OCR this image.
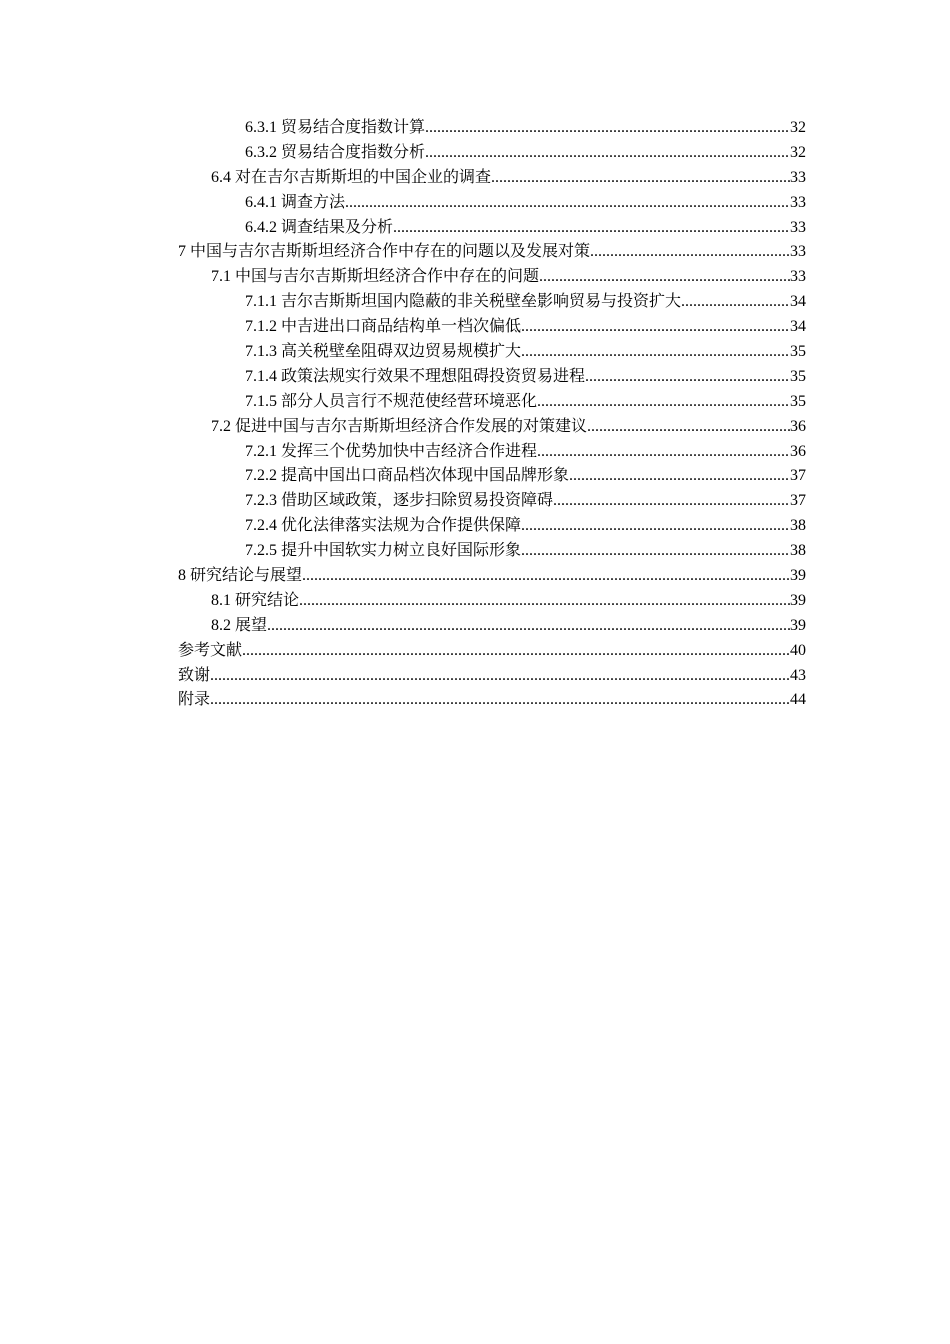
6.3.1 贸易结合度指数计算 .....	32
6.3.2 贸易结合度指数分析 .....	32
6.4 对在吉尔吉斯斯坦的中国企业的调查 .....	33
6.4.1 调查方法 .....	33
6.4.2 调查结果及分析 .....	33
7 中国与吉尔吉斯斯坦经济合作中存在的问题以及发展对策 .....	33
7.1 中国与吉尔吉斯斯坦经济合作中存在的问题 .....	33
7.1.1 吉尔吉斯斯坦国内隐蔽的非关税壁垒影响贸易与投资扩大 .....	34
7.1.2 中吉进出口商品结构单一档次偏低 .....	34
7.1.3 高关税壁垒阻碍双边贸易规模扩大 .....	35
7.1.4 政策法规实行效果不理想阻碍投资贸易进程 .....	35
7.1.5 部分人员言行不规范使经营环境恶化 .....	35
7.2 促进中国与吉尔吉斯斯坦经济合作发展的对策建议 .....	36
7.2.1 发挥三个优势加快中吉经济合作进程 .....	36
7.2.2 提高中国出口商品档次体现中国品牌形象 .....	37
7.2.3 借助区域政策，逐步扫除贸易投资障碍 .....	37
7.2.4 优化法律落实法规为合作提供保障 .....	38
7.2.5 提升中国软实力树立良好国际形象 .....	38
8 研究结论与展望 .....	39
8.1 研究结论 .....	39
8.2 展望 .....	39
参考文献 .....	40
致谢 .....	43
附录 .....	44
